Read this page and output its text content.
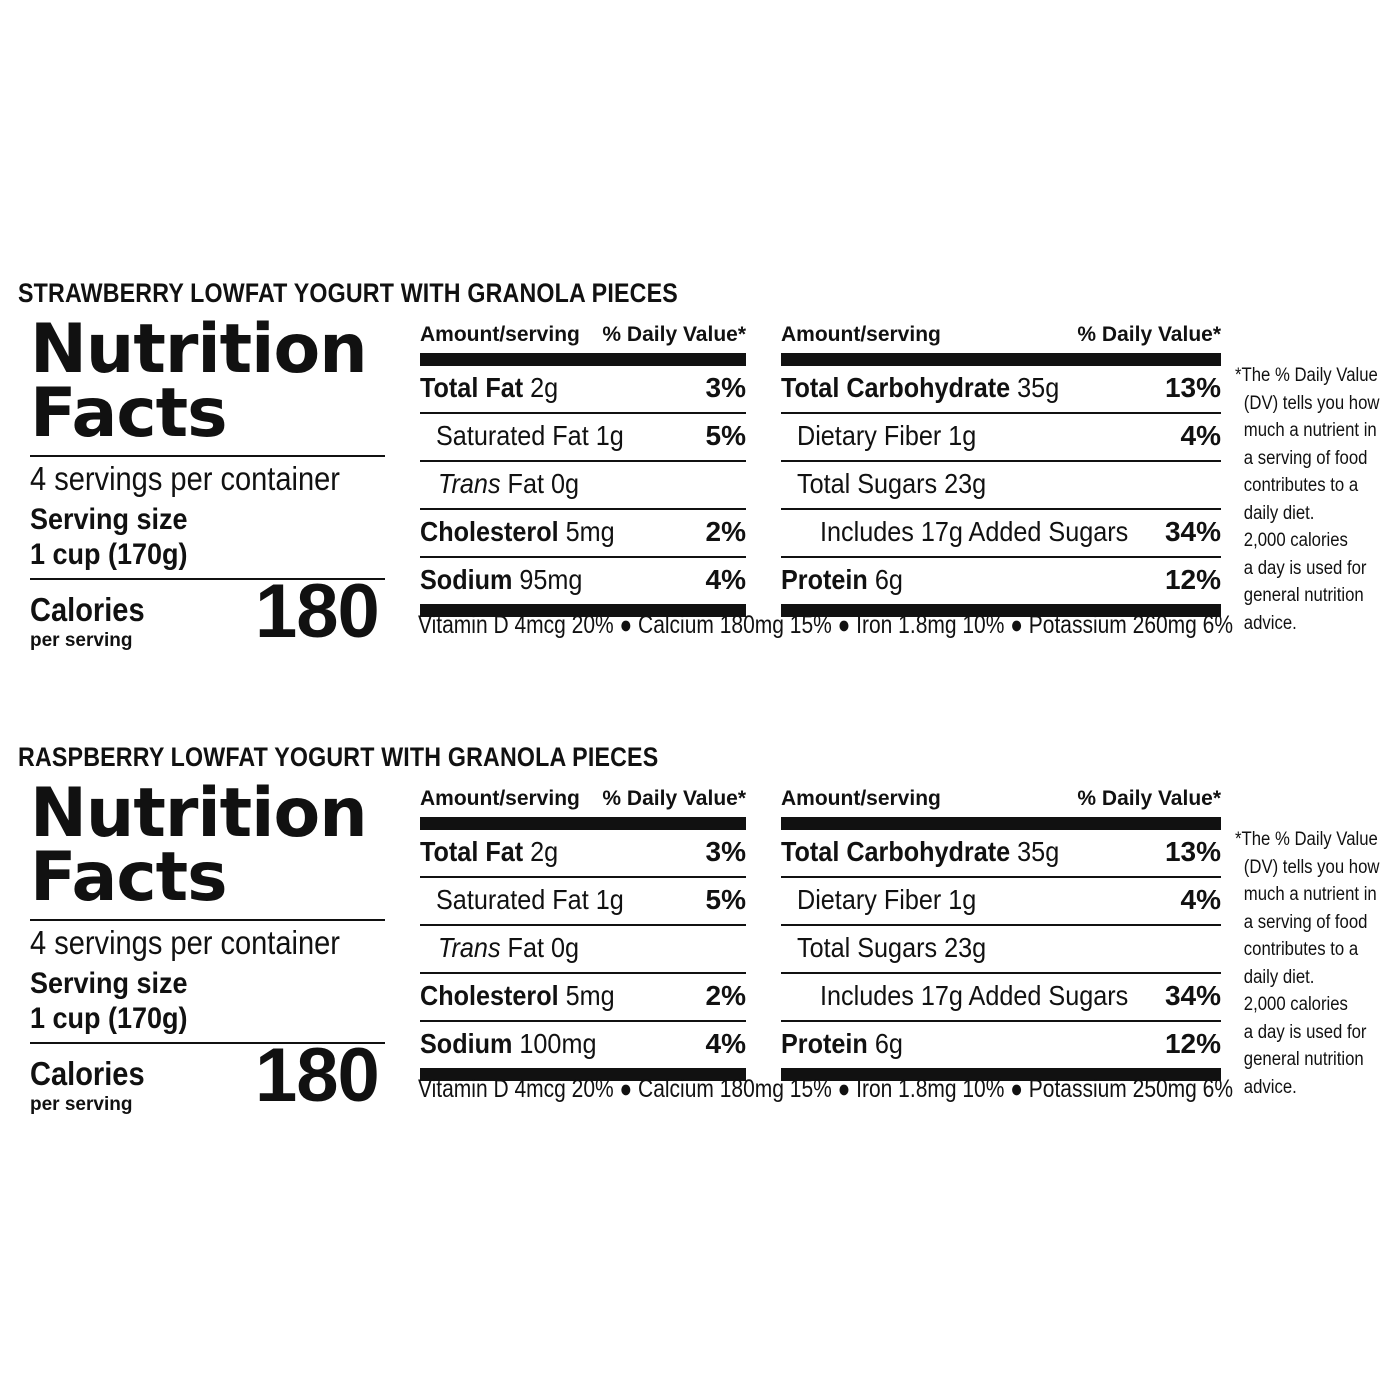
STRAWBERRY LOWFAT YOGURT WITH GRANOLA PIECES
Nutrition
Facts
4 servings per container
Serving size
1 cup (170g)
Calories
per serving 180
Amount/serving % Daily Value*
Total Fat 2g	3%
Saturated Fat 1g	5%
Trans Fat 0g
Cholesterol 5mg	2%
Sodium 95mg	4%
Amount/serving	% Daily Value*
Total Carbohydrate 35g	13%
Dietary Fiber 1g	4%
Total Sugars 23g
Includes 17g Added Sugars 34%
Protein 6g	12%
Vitamin D 4mcg 20% ● Calcium 180mg 15% ● Iron 1.8mg 10% ● Potassium 260mg 6%
*The % Daily Value
(DV) tells you how
much a nutrient in
a serving of food
contributes to a
daily diet.
2,000 calories
a day is used for
general nutrition
advice.
RASPBERRY LOWFAT YOGURT WITH GRANOLA PIECES
Nutrition
Facts
4 servings per container
Serving size
1 cup (170g)
Calories
per serving 180
Amount/serving % Daily Value*
Total Fat 2g	3%
Saturated Fat 1g	5%
Trans Fat 0g
Cholesterol 5mg	2%
Sodium 100mg	4%
Amount/serving	% Daily Value*
Total Carbohydrate 35g	13%
Dietary Fiber 1g	4%
Total Sugars 23g
Includes 17g Added Sugars 34%
Protein 6g	12%
Vitamin D 4mcg 20% ● Calcium 180mg 15% ● Iron 1.8mg 10% ● Potassium 250mg 6%
*The % Daily Value
(DV) tells you how
much a nutrient in
a serving of food
contributes to a
daily diet.
2,000 calories
a day is used for
general nutrition
advice.
